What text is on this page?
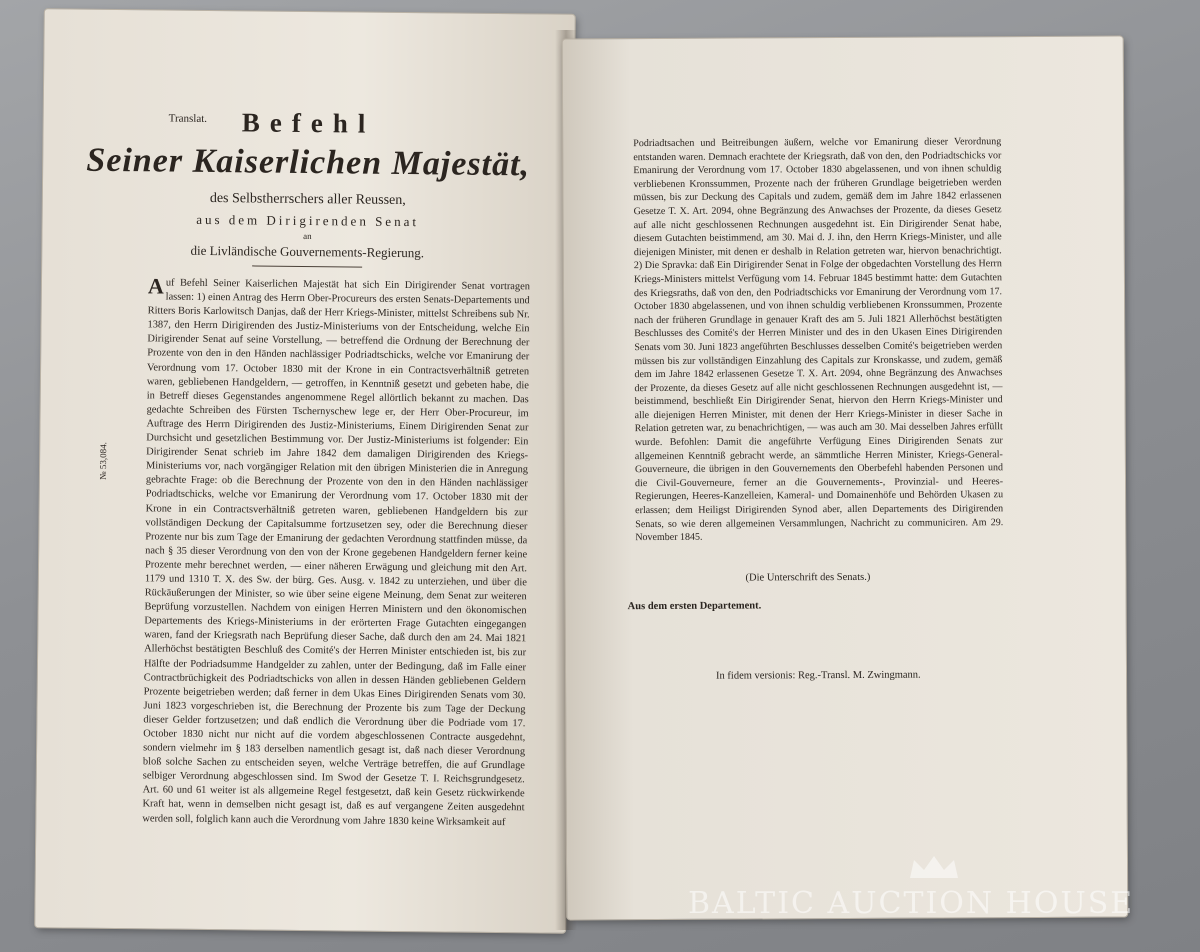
Translat.	Befehl
Seiner Kaiserlichen Majestät,
des Selbstherrschers aller Reussen,
aus dem Dirigirenden Senat
an
die Livländische Gouvernements-Regierung.
№ 53,084.

Auf Befehl Seiner Kaiserlichen Majestät hat sich Ein Dirigirender Senat vortragen lassen: 1) einen Antrag des Herrn Ober-Procureurs des ersten Senats-Departements und Ritters Boris Karlowitsch Danjas, daß der Herr Kriegs-Minister, mittelst Schreibens sub Nr. 1387, den Herrn Dirigirenden des Justiz-Ministeriums von der Entscheidung, welche Ein Dirigirender Senat auf seine Vorstellung, — betreffend die Ordnung der Berechnung der Prozente von den in den Händen nachlässiger Podriadtschicks, welche vor Emanirung der Verordnung vom 17. October 1830 mit der Krone in ein Contractsverhältniß getreten waren, gebliebenen Handgeldern, — getroffen, in Kenntniß gesetzt und gebeten habe, die in Betreff dieses Gegenstandes angenommene Regel allörtlich bekannt zu machen. Das gedachte Schreiben des Fürsten Tschernyschew lege er, der Herr Ober-Procureur, im Auftrage des Herrn Dirigirenden des Justiz-Ministeriums, Einem Dirigirenden Senat zur Durchsicht und gesetzlichen Bestimmung vor. Der Justiz-Ministeriums ist folgender: Ein Dirigirender Senat schrieb im Jahre 1842 dem damaligen Dirigirenden des Kriegs-Ministeriums vor, nach vorgängiger Relation mit den übrigen Ministerien die in Anregung gebrachte Frage: ob die Berechnung der Prozente von den in den Händen nachlässiger Podriadtschicks, welche vor Emanirung der Verordnung vom 17. October 1830 mit der Krone in ein Contractsverhältniß getreten waren, gebliebenen Handgeldern bis zur vollständigen Deckung der Capitalsumme fortzusetzen sey, oder die Berechnung dieser Prozente nur bis zum Tage der Emanirung der gedachten Verordnung stattfinden müsse, da nach § 35 dieser Verordnung von den von der Krone gegebenen Handgeldern ferner keine Prozente mehr berechnet werden, — einer näheren Erwägung und gleichung mit den Art. 1179 und 1310 T. X. des Sw. der bürg. Ges. Ausg. v. 1842 zu unterziehen, und über die Rückäußerungen der Minister, so wie über seine eigene Meinung, dem Senat zur weiteren Beprüfung vorzustellen. Nachdem von einigen Herren Ministern und den ökonomischen Departements des Kriegs-Ministeriums in der erörterten Frage Gutachten eingegangen waren, fand der Kriegsrath nach Beprüfung dieser Sache, daß durch den am 24. Mai 1821 Allerhöchst bestätigten Beschluß des Comité's der Herren Minister entschieden ist, bis zur Hälfte der Podriadsumme Handgelder zu zahlen, unter der Bedingung, daß im Falle einer Contractbrüchigkeit des Podriadtschicks von allen in dessen Händen gebliebenen Geldern Prozente beigetrieben werden; daß ferner in dem Ukas Eines Dirigirenden Senats vom 30. Juni 1823 vorgeschrieben ist, die Berechnung der Prozente bis zum Tage der Deckung dieser Gelder fortzusetzen; und daß endlich die Verordnung über die Podriade vom 17. October 1830 nicht nur nicht auf die vordem abgeschlossenen Contracte ausgedehnt, sondern vielmehr im § 183 derselben namentlich gesagt ist, daß nach dieser Verordnung bloß solche Sachen zu entscheiden seyen, welche Verträge betreffen, die auf Grundlage selbiger Verordnung abgeschlossen sind. Im Swod der Gesetze T. I. Reichsgrundgesetz. Art. 60 und 61 weiter ist als allgemeine Regel festgesetzt, daß kein Gesetz rückwirkende Kraft hat, wenn in demselben nicht gesagt ist, daß es auf vergangene Zeiten ausgedehnt werden soll, folglich kann auch die Verordnung vom Jahre 1830 keine Wirksamkeit auf

Podriadtsachen und Beitreibungen äußern, welche vor Emanirung dieser Verordnung entstanden waren. Demnach erachtete der Kriegsrath, daß von den, den Podriadtschicks vor Emanirung der Verordnung vom 17. October 1830 abgelassenen, und von ihnen schuldig verbliebenen Kronssummen, Prozente nach der früheren Grundlage beigetrieben werden müssen, bis zur Deckung des Capitals und zudem, gemäß dem im Jahre 1842 erlassenen Gesetze T. X. Art. 2094, ohne Begränzung des Anwachses der Prozente, da dieses Gesetz auf alle nicht geschlossenen Rechnungen ausgedehnt ist. Ein Dirigirender Senat habe, diesem Gutachten beistimmend, am 30. Mai d. J. ihn, den Herrn Kriegs-Minister, und alle diejenigen Minister, mit denen er deshalb in Relation getreten war, hiervon benachrichtigt. 2) Die Spravka: daß Ein Dirigirender Senat in Folge der obgedachten Vorstellung des Herrn Kriegs-Ministers mittelst Verfügung vom 14. Februar 1845 bestimmt hatte: dem Gutachten des Kriegsraths, daß von den, den Podriadtschicks vor Emanirung der Verordnung vom 17. October 1830 abgelassenen, und von ihnen schuldig verbliebenen Kronssummen, Prozente nach der früheren Grundlage in genauer Kraft des am 5. Juli 1821 Allerhöchst bestätigten Beschlusses des Comité's der Herren Minister und des in den Ukasen Eines Dirigirenden Senats vom 30. Juni 1823 angeführten Beschlusses desselben Comité's beigetrieben werden müssen bis zur vollständigen Einzahlung des Capitals zur Kronskasse, und zudem, gemäß dem im Jahre 1842 erlassenen Gesetze T. X. Art. 2094, ohne Begränzung des Anwachses der Prozente, da dieses Gesetz auf alle nicht geschlossenen Rechnungen ausgedehnt ist, — beistimmend, beschließt Ein Dirigirender Senat, hiervon den Herrn Kriegs-Minister und alle diejenigen Herren Minister, mit denen der Herr Kriegs-Minister in dieser Sache in Relation getreten war, zu benachrichtigen, — was auch am 30. Mai desselben Jahres erfüllt wurde. Befohlen: Damit die angeführte Verfügung Eines Dirigirenden Senats zur allgemeinen Kenntniß gebracht werde, an sämmtliche Herren Minister, Kriegs-General-Gouverneure, die übrigen in den Gouvernements den Oberbefehl habenden Personen und die Civil-Gouverneure, ferner an die Gouvernements-, Provinzial- und Heeres-Regierungen, Heeres-Kanzelleien, Kameral- und Domainenhöfe und Behörden Ukasen zu erlassen; dem Heiligst Dirigirenden Synod aber, allen Departements des Dirigirenden Senats, so wie deren allgemeinen Versammlungen, Nachricht zu communiciren. Am 29. November 1845.

(Die Unterschrift des Senats.)
Aus dem ersten Departement.
In fidem versionis: Reg.-Transl. M. Zwingmann.
BALTIC AUCTION HOUSE
